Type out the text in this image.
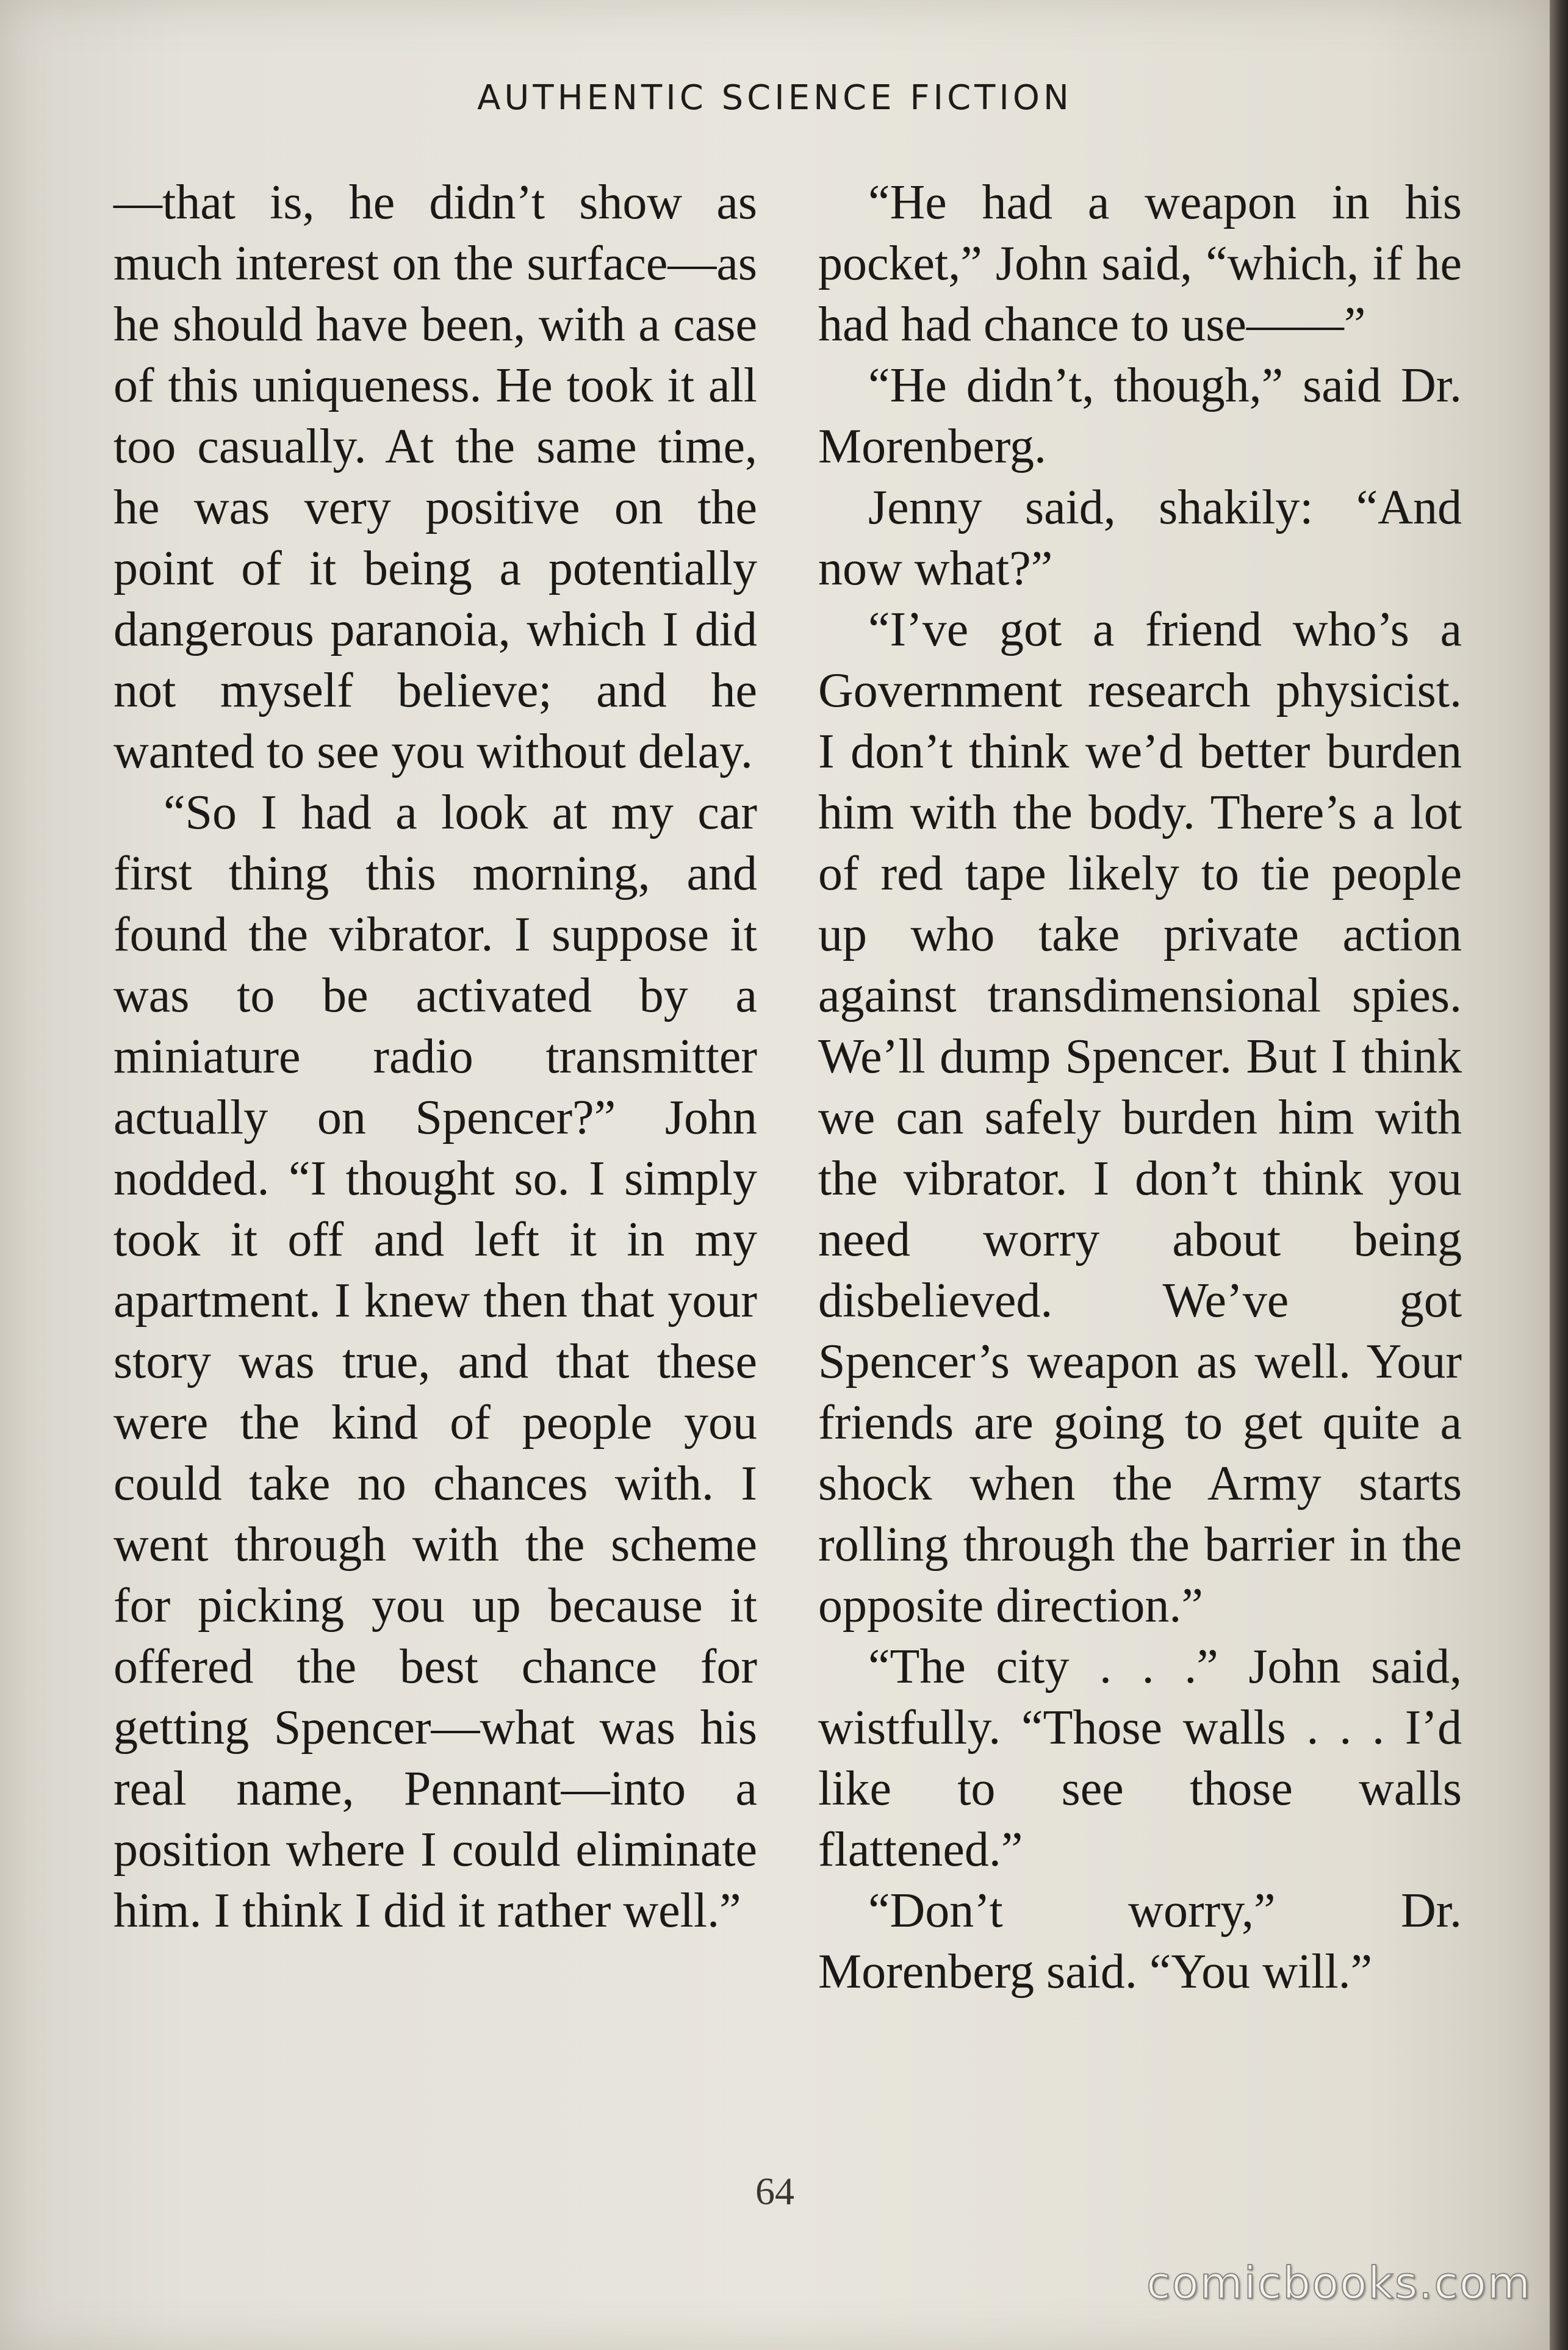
AUTHENTIC SCIENCE FICTION

—that is, he didn’t show as much interest on the surface—as he should have been, with a case of this uniqueness. He took it all too casually. At the same time, he was very positive on the point of it being a potentially dangerous paranoia, which I did not myself believe; and he wanted to see you without delay.

“So I had a look at my car first thing this morning, and found the vibrator. I suppose it was to be activated by a miniature radio transmitter actually on Spencer?” John nodded. “I thought so. I simply took it off and left it in my apartment. I knew then that your story was true, and that these were the kind of people you could take no chances with. I went through with the scheme for picking you up because it offered the best chance for getting Spencer—what was his real name, Pennant—into a position where I could eliminate him. I think I did it rather well.”

“He had a weapon in his pocket,” John said, “which, if he had had chance to use——”

“He didn’t, though,” said Dr. Morenberg.

Jenny said, shakily: “And now what?”

“I’ve got a friend who’s a Government research physicist. I don’t think we’d better burden him with the body. There’s a lot of red tape likely to tie people up who take private action against transdimensional spies. We’ll dump Spencer. But I think we can safely burden him with the vibrator. I don’t think you need worry about being disbelieved. We’ve got Spencer’s weapon as well. Your friends are going to get quite a shock when the Army starts rolling through the barrier in the opposite direction.”

“The city . . .” John said, wistfully. “Those walls . . . I’d like to see those walls flattened.”

“Don’t worry,” Dr. Morenberg said. “You will.”

64
comicbooks.com
